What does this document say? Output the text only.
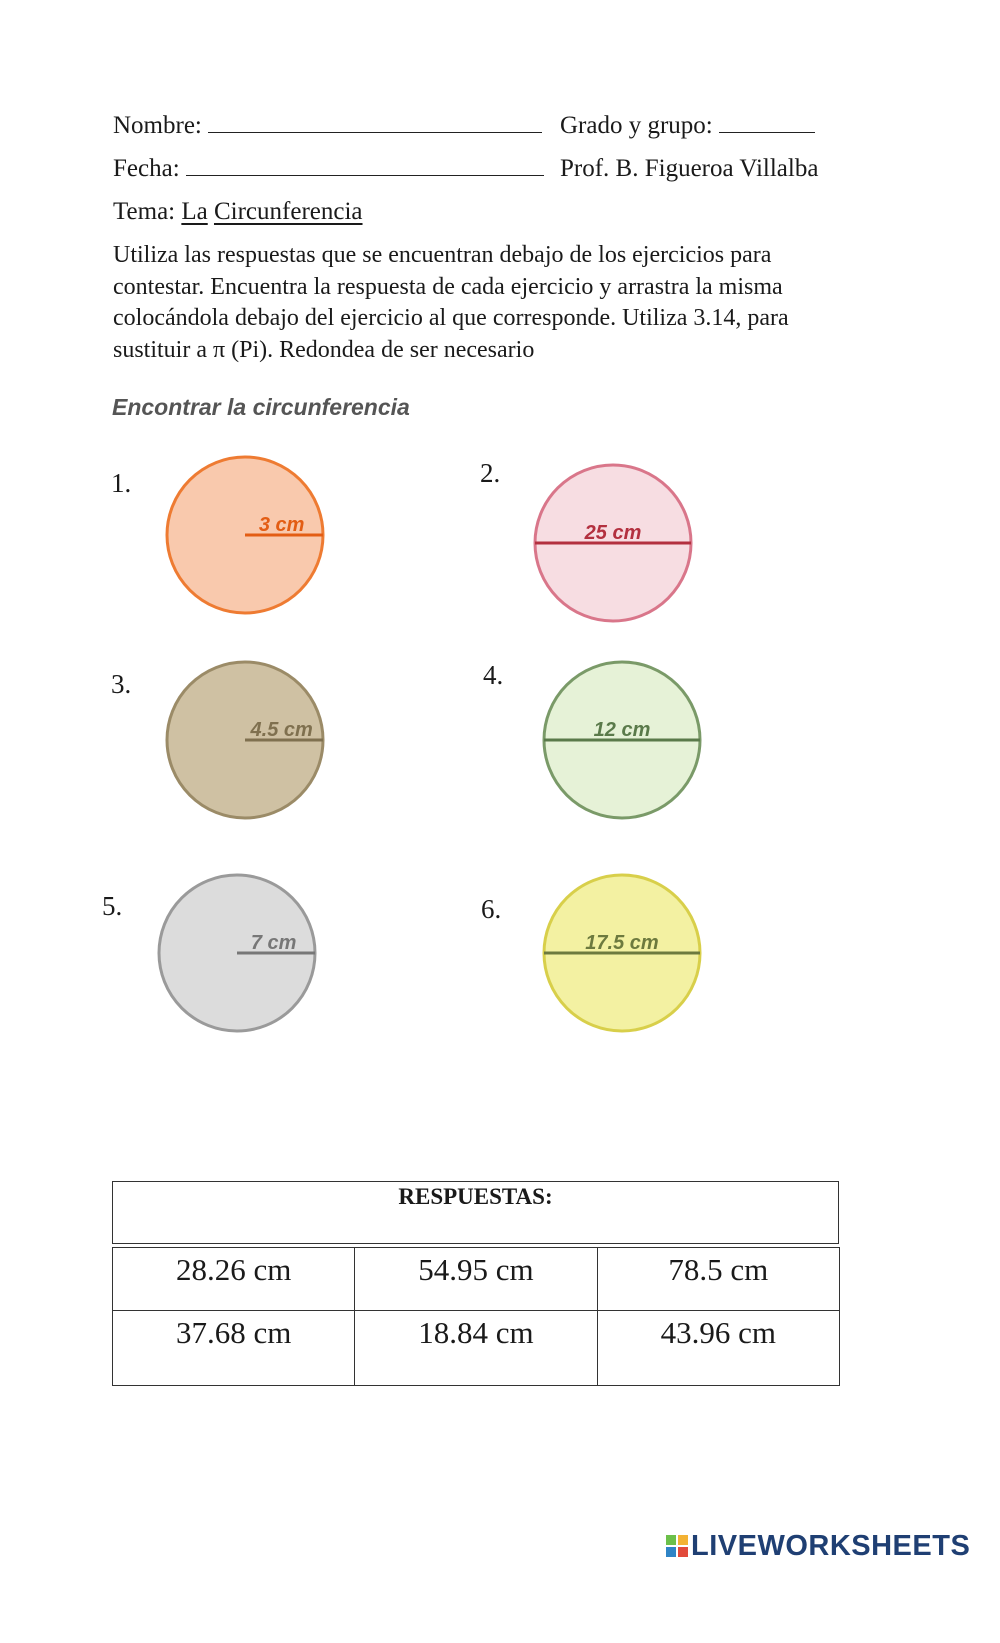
Nombre:	Grado y grupo:
Fecha:	Prof. B. Figueroa Villalba
Tema: La Circunferencia
Utiliza las respuestas que se encuentran debajo de los ejercicios para
contestar. Encuentra la respuesta de cada ejercicio y arrastra la misma
colocándola debajo del ejercicio al que corresponde. Utiliza 3.14, para
sustituir a π (Pi). Redondea de ser necesario
Encontrar la circunferencia
1.
3 cm
2.
25 cm
3.
4.5 cm
4.
12 cm
5.
7 cm
6.
17.5 cm
RESPUESTAS:
28.26 cm	54.95 cm	78.5 cm
37.68 cm	18.84 cm	43.96 cm
LIVEWORKSHEETS
